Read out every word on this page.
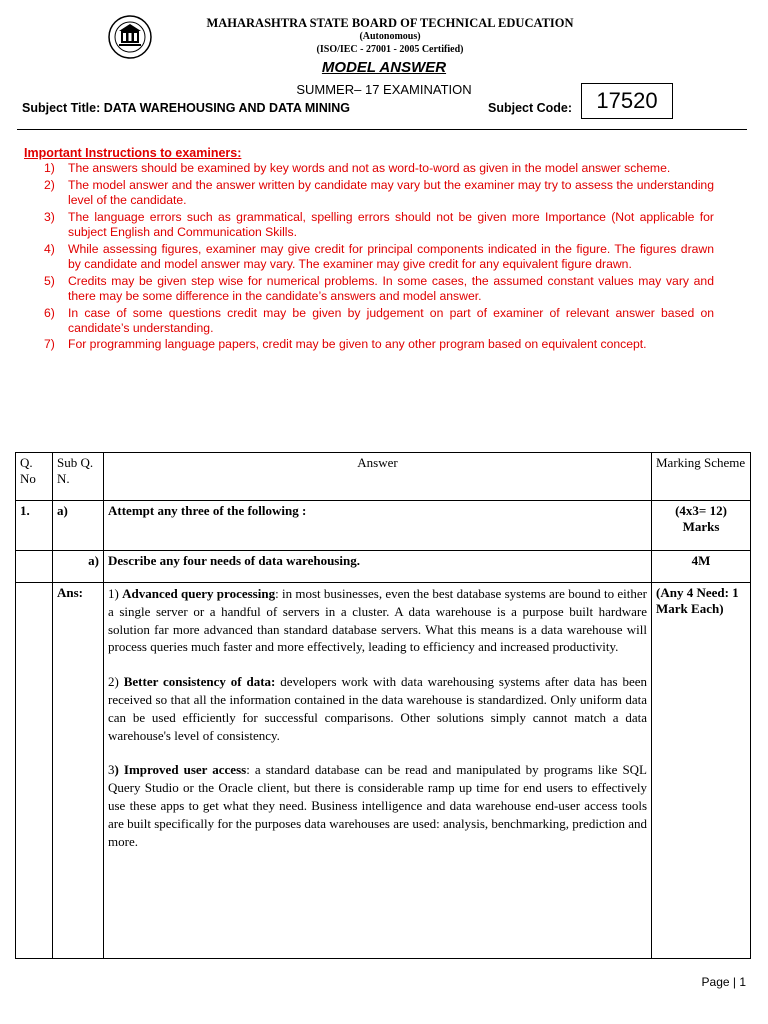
MAHARASHTRA STATE BOARD OF TECHNICAL EDUCATION
(Autonomous)
(ISO/IEC - 27001 - 2005 Certified)
MODEL ANSWER
SUMMER– 17 EXAMINATION
Subject Title: DATA WAREHOUSING AND DATA MINING	Subject Code:	17520
Important Instructions to examiners:
1) The answers should be examined by key words and not as word-to-word as given in the model answer scheme.
2) The model answer and the answer written by candidate may vary but the examiner may try to assess the understanding level of the candidate.
3) The language errors such as grammatical, spelling errors should not be given more Importance (Not applicable for subject English and Communication Skills.
4) While assessing figures, examiner may give credit for principal components indicated in the figure. The figures drawn by candidate and model answer may vary. The examiner may give credit for any equivalent figure drawn.
5) Credits may be given step wise for numerical problems. In some cases, the assumed constant values may vary and there may be some difference in the candidate’s answers and model answer.
6) In case of some questions credit may be given by judgement on part of examiner of relevant answer based on candidate’s understanding.
7) For programming language papers, credit may be given to any other program based on equivalent concept.
Q. No	Sub Q. N.	Answer	Marking Scheme
1.	a)	Attempt any three of the following :	(4x3= 12) Marks
	a)	Describe any four needs of data warehousing.	4M
	Ans:	1) Advanced query processing: in most businesses, even the best database systems are bound to either a single server or a handful of servers in a cluster. A data warehouse is a purpose built hardware solution far more advanced than standard database servers. What this means is a data warehouse will process queries much faster and more effectively, leading to efficiency and increased productivity.

2) Better consistency of data: developers work with data warehousing systems after data has been received so that all the information contained in the data warehouse is standardized. Only uniform data can be used efficiently for successful comparisons. Other solutions simply cannot match a data warehouse's level of consistency.

3) Improved user access: a standard database can be read and manipulated by programs like SQL Query Studio or the Oracle client, but there is considerable ramp up time for end users to effectively use these apps to get what they need. Business intelligence and data warehouse end-user access tools are built specifically for the purposes data warehouses are used: analysis, benchmarking, prediction and more.	(Any 4 Need: 1 Mark Each)
Page | 1
